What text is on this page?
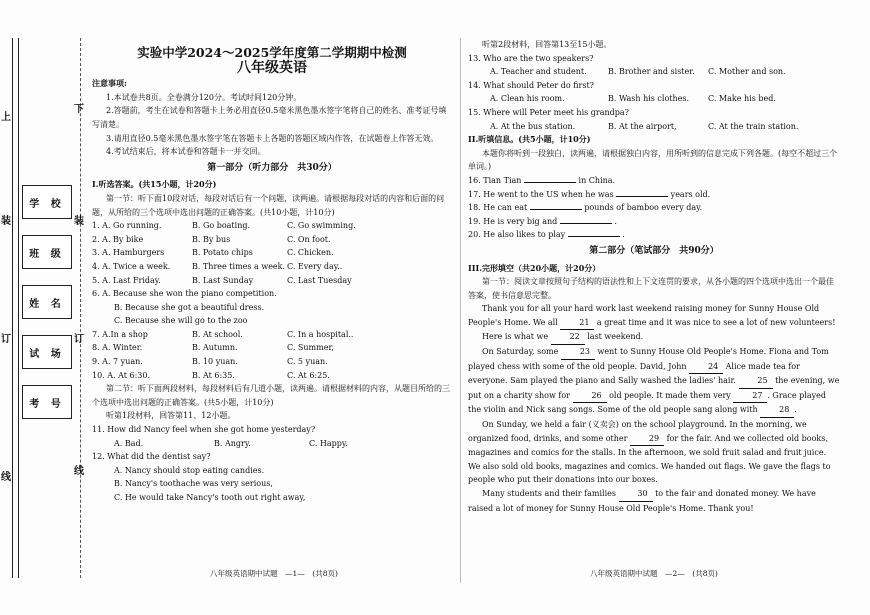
上
下
装	装
订	订
线
线
学 校
班 级
姓 名
试 场
考 号
实验中学2024～2025学年度第二学期期中检测
八年级英语
注意事项:
1.本试卷共8页。全卷满分120分。考试时间120分钟。
2.答题前，考生在试卷和答题卡上务必用直径0.5毫米黑色墨水签字笔将自己的姓名、准考证号填写清楚。
3.请用直径0.5毫米黑色墨水签字笔在答题卡上各题的答题区域内作答，在试题卷上作答无效。
4.考试结束后，将本试卷和答题卡一并交回。
第一部分（听力部分　共30分）
I.听选答案。(共15小题，计20分)
第一节：听下面10段对话，每段对话后有一个问题，读两遍。请根据每段对话的内容和后面的问题，从所给的三个选项中选出问题的正确答案。(共10小题，计10分)
1. A. Go running.	B. Go boating.	C. Go swimming.
2. A. By bike	B. By bus	C. On foot.
3. A. Hamburgers	B. Potato chips	C. Chicken.
4. A. Twice a week.	B. Three times a week. C. Every day..
5. A. Last Friday.	B. Last Sunday	C. Last Tuesday
6. A. Because she won the piano competition.
B. Because she got a beautiful dress.
C. Because she will go to the zoo
7. A.In a shop	B. At school.	C. In a hospital..
8. A. Winter.	B. Autumn.	C. Summer,
9. A. 7 yuan.	B. 10 yuan.	C. 5 yuan.
10. A. At 6:30.	B. At 6:35.	C. At 6:25.
第二节：听下面两段材料，每段材料后有几道小题，读两遍。请根据材料的内容，从题目所给的三个选项中选出问题的正确答案。(共5小题，计10分)
听第1段材料，回答第11、12小题。
11. How did Nancy feel when she got home yesterday?
A. Bad.	B. Angry.	C. Happy.
12. What did the dentist say?
A. Nancy should stop eating candies.
B. Nancy's toothache was very serious,
C. He would take Nancy's tooth out right away,
听第2段材料，回答第13至15小题。
13. Who are the two speakers?
A. Teacher and student.	B. Brother and sister.	C. Mother and son.
14. What should Peter do first?
A. Clean his room.	B. Wash his clothes.	C. Make his bed.
15. Where will Peter meet his grandpa?
A. At the bus station.	B. At the airport,	C. At the train station.
II.听填信息。(共5小题，计10分)
本题你将听到一段独白，读两遍，请根据独白内容，用所听到的信息完成下列各题。(每空不超过三个单词。)
16. Tian Tian	in China.
17. He went to the US when he was	years old.
18. He can eat	pounds of bamboo every day.
19. He is very big and	.
20. He also likes to play	.
第二部分（笔试部分　共90分）
III.完形填空（共20小题，计20分）
第一节：阅读文章按照句子结构的语法性和上下文连贯的要求，从各小题的四个选项中选出一个最佳答案，使书信意思完整。
Thank you for all your hard work last weekend raising money for Sunny House Old People's Home. We all	21 a great time and it was nice to see a lot of new volunteers!
Here is what we	22 last weekend.
On Saturday, some	23 went to Sunny House Old People's Home. Fiona and Tom played chess with some of the old people. David, John	24 Alice made tea for everyone. Sam played the piano and Sally washed the ladies' hair.	25 the evening, we put on a charity show for	26 old people. It made them very	27 . Grace played the violin and Nick sang songs. Some of the old people sang along with	28 .
On Sunday, we held a fair (义卖会) on the school playground. In the morning, we organized food, drinks, and some other	29 for the fair. And we collected old books, magazines and comics for the stalls. In the afternoon, we sold fruit salad and fruit juice. We also sold old books, magazines and comics. We handed out flags. We gave the flags to people who put their donations into our boxes.
Many students and their families	30 to the fair and donated money. We have raised a lot of money for Sunny House Old People's Home. Thank you!
八年级英语期中试题　—1—　(共8页)	八年级英语期中试题　—2—　(共8页)
